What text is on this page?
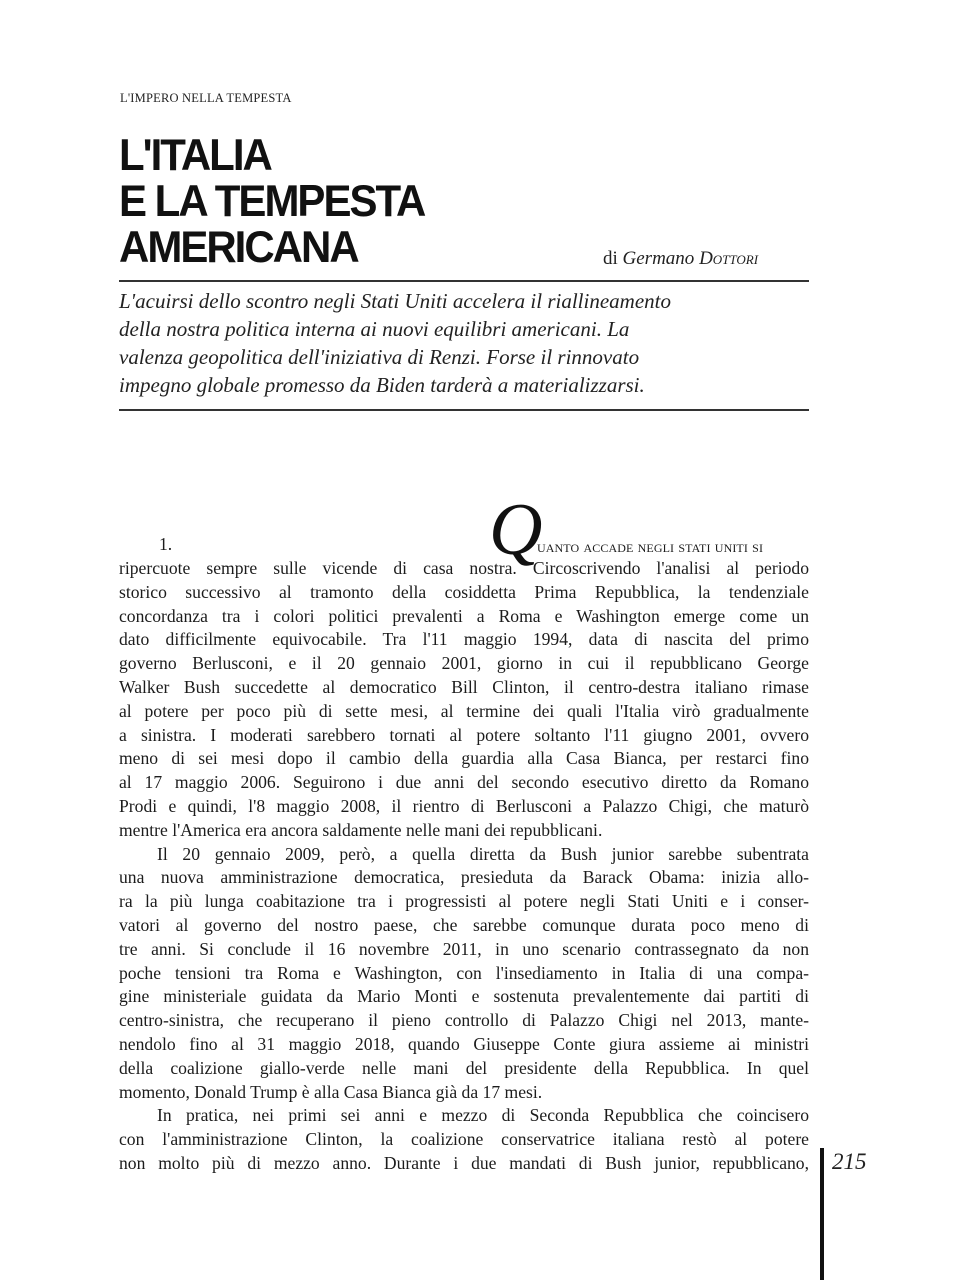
L'IMPERO NELLA TEMPESTA
L'ITALIA
E LA TEMPESTA
AMERICANA	di Germano Dottori
L'acuirsi dello scontro negli Stati Uniti accelera il riallineamento
della nostra politica interna ai nuovi equilibri americani. La
valenza geopolitica dell'iniziativa di Renzi. Forse il rinnovato
impegno globale promesso da Biden tarderà a materializzarsi.
1.	Q
uanto accade negli stati uniti si
ripercuote sempre sulle vicende di casa nostra. Circoscrivendo l'analisi al periodo
storico successivo al tramonto della cosiddetta Prima Repubblica, la tendenziale
concordanza tra i colori politici prevalenti a Roma e Washington emerge come un
dato difficilmente equivocabile. Tra l'11 maggio 1994, data di nascita del primo
governo Berlusconi, e il 20 gennaio 2001, giorno in cui il repubblicano George
Walker Bush succedette al democratico Bill Clinton, il centro-destra italiano rimase
al potere per poco più di sette mesi, al termine dei quali l'Italia virò gradualmente
a sinistra. I moderati sarebbero tornati al potere soltanto l'11 giugno 2001, ovvero
meno di sei mesi dopo il cambio della guardia alla Casa Bianca, per restarci fino
al 17 maggio 2006. Seguirono i due anni del secondo esecutivo diretto da Romano
Prodi e quindi, l'8 maggio 2008, il rientro di Berlusconi a Palazzo Chigi, che maturò
mentre l'America era ancora saldamente nelle mani dei repubblicani.
Il 20 gennaio 2009, però, a quella diretta da Bush junior sarebbe subentrata
una nuova amministrazione democratica, presieduta da Barack Obama: inizia allo-
ra la più lunga coabitazione tra i progressisti al potere negli Stati Uniti e i conser-
vatori al governo del nostro paese, che sarebbe comunque durata poco meno di
tre anni. Si conclude il 16 novembre 2011, in uno scenario contrassegnato da non
poche tensioni tra Roma e Washington, con l'insediamento in Italia di una compa-
gine ministeriale guidata da Mario Monti e sostenuta prevalentemente dai partiti di
centro-sinistra, che recuperano il pieno controllo di Palazzo Chigi nel 2013, mante-
nendolo fino al 31 maggio 2018, quando Giuseppe Conte giura assieme ai ministri
della coalizione giallo-verde nelle mani del presidente della Repubblica. In quel
momento, Donald Trump è alla Casa Bianca già da 17 mesi.
In pratica, nei primi sei anni e mezzo di Seconda Repubblica che coincisero
con l'amministrazione Clinton, la coalizione conservatrice italiana restò al potere
non molto più di mezzo anno. Durante i due mandati di Bush junior, repubblicano, 215
